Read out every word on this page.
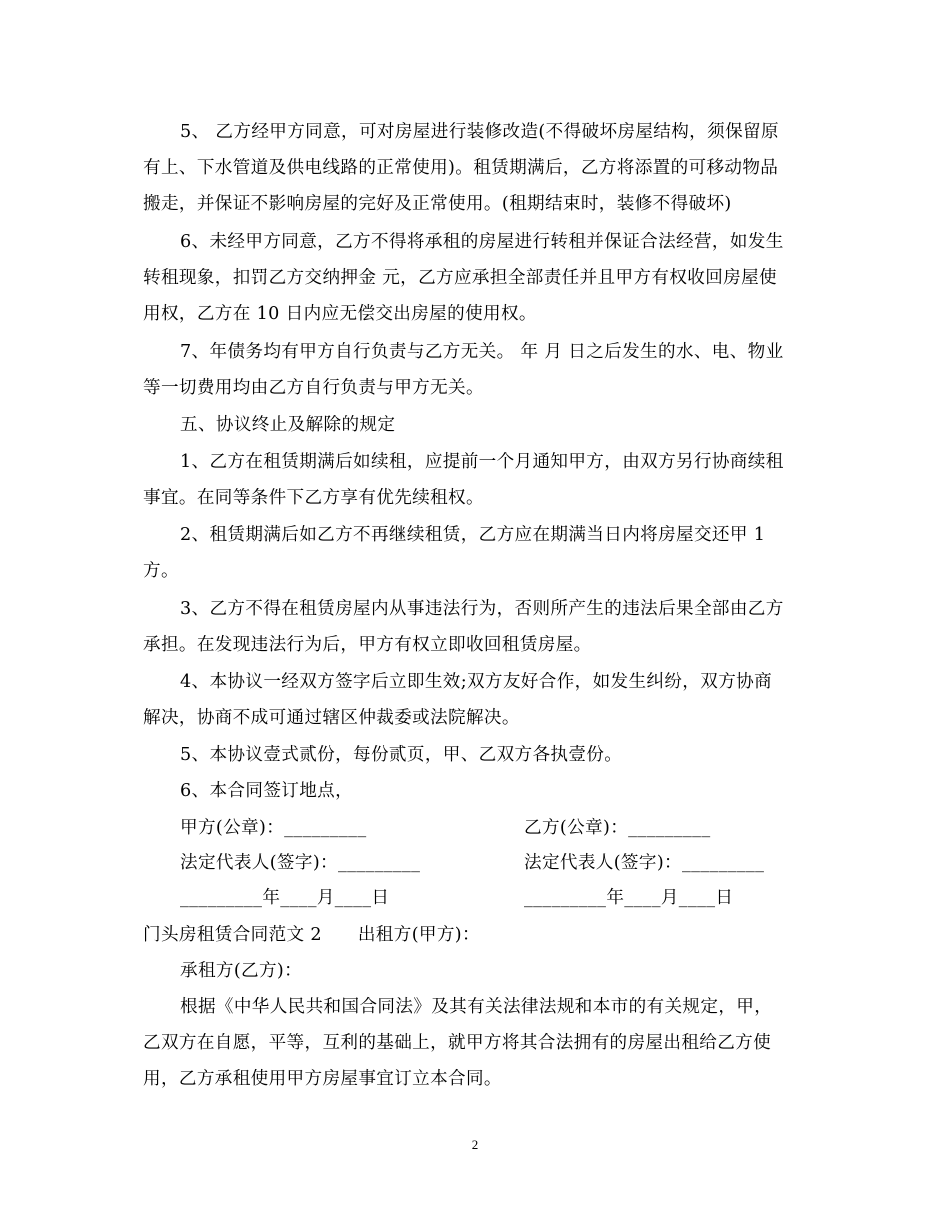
5、 乙方经甲方同意，可对房屋进行装修改造(不得破坏房屋结构，须保留原
有上、下水管道及供电线路的正常使用)。租赁期满后，乙方将添置的可移动物品
搬走，并保证不影响房屋的完好及正常使用。(租期结束时，装修不得破坏)
6、未经甲方同意，乙方不得将承租的房屋进行转租并保证合法经营，如发生
转租现象，扣罚乙方交纳押金 元，乙方应承担全部责任并且甲方有权收回房屋使
用权，乙方在 10 日内应无偿交出房屋的使用权。
7、年债务均有甲方自行负责与乙方无关。 年 月 日之后发生的水、电、物业
等一切费用均由乙方自行负责与甲方无关。
五、协议终止及解除的规定
1、乙方在租赁期满后如续租，应提前一个月通知甲方，由双方另行协商续租
事宜。在同等条件下乙方享有优先续租权。
2、租赁期满后如乙方不再继续租赁，乙方应在期满当日内将房屋交还甲 1
方。
3、乙方不得在租赁房屋内从事违法行为，否则所产生的违法后果全部由乙方
承担。在发现违法行为后，甲方有权立即收回租赁房屋。
4、本协议一经双方签字后立即生效;双方友好合作，如发生纠纷，双方协商
解决，协商不成可通过辖区仲裁委或法院解决。
5、本协议壹式贰份，每份贰页，甲、乙双方各执壹份。
6、本合同签订地点，
甲方(公章)：_________	乙方(公章)：_________
法定代表人(签字)：_________	法定代表人(签字)：_________
_________年____月____日	_________年____月____日
门头房租赁合同范文 2　　出租方(甲方)：
承租方(乙方)：
根据《中华人民共和国合同法》及其有关法律法规和本市的有关规定，甲，
乙双方在自愿，平等，互利的基础上，就甲方将其合法拥有的房屋出租给乙方使
用，乙方承租使用甲方房屋事宜订立本合同。
2
